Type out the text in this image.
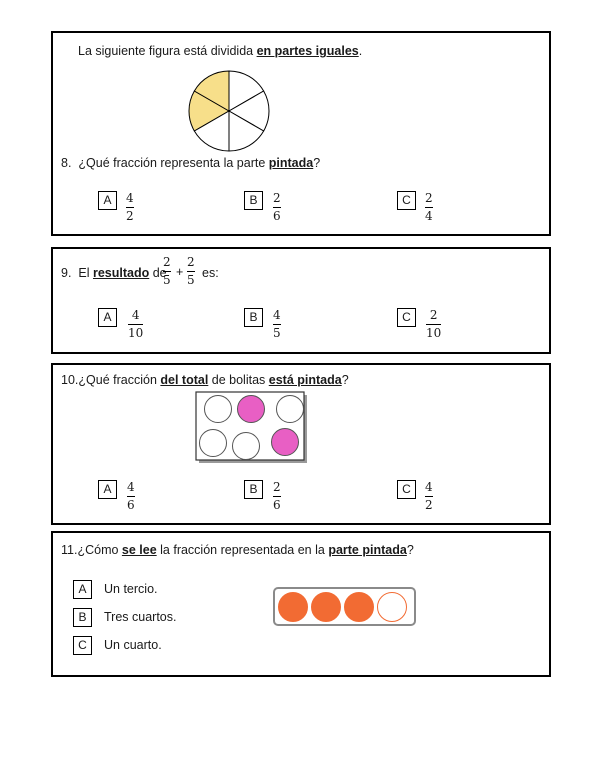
La siguiente figura está dividida en partes iguales.
8. ¿Qué fracción representa la parte pintada?
A	4
2
B	2
6
C	2
4
9. El resultado de
2
5
+
2
5 es:
A	4
10
B	4
5
C	2
10
10.¿Qué fracción del total de bolitas está pintada?
A	4
6
B	2
6
C	4
2
11.¿Cómo se lee la fracción representada en la parte pintada?
A	Un tercio.
B	Tres cuartos.
C	Un cuarto.
